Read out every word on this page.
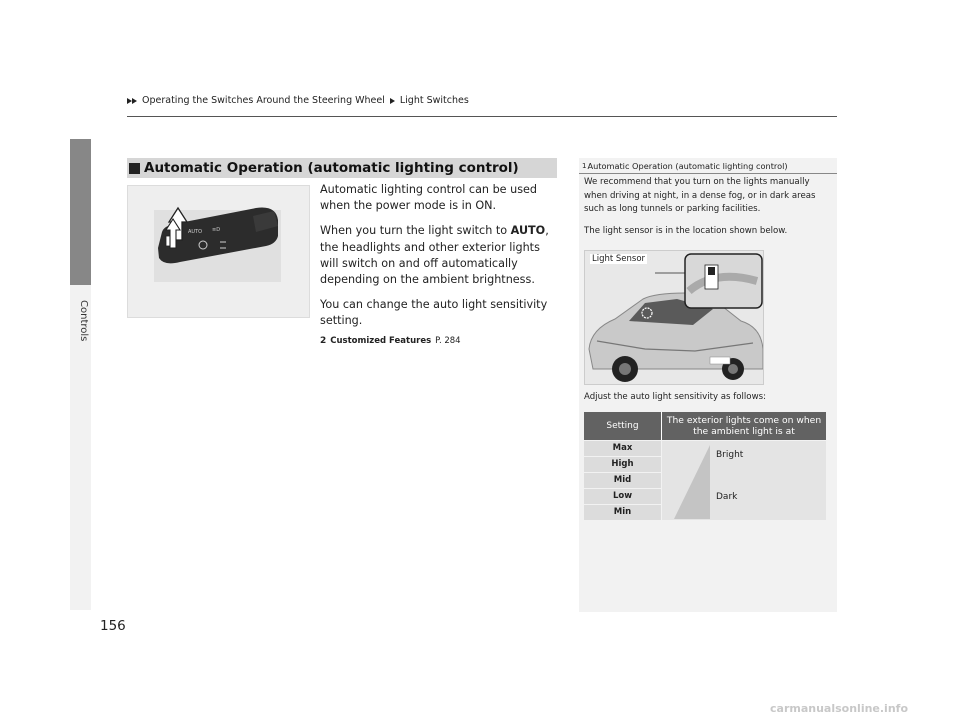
Controls
Operating the Switches Around the Steering Wheel Light Switches
Automatic Operation (automatic lighting control)
AUTO ≡D

Automatic lighting control can be used when the power mode is in ON.

When you turn the light switch to AUTO, the headlights and other exterior lights will switch on and off automatically depending on the ambient brightness.

You can change the auto light sensitivity setting.

2 Customized Features P. 284
1 Automatic Operation (automatic lighting control)

We recommend that you turn on the lights manually when driving at night, in a dense fog, or in dark areas such as long tunnels or parking facilities.

The light sensor is in the location shown below.

Light Sensor
Adjust the auto light sensitivity as follows:
Setting
The exterior lights come on when the ambient light is at
Max
High
Mid
Low
Min
Bright
Dark
156
carmanualsonline.info
